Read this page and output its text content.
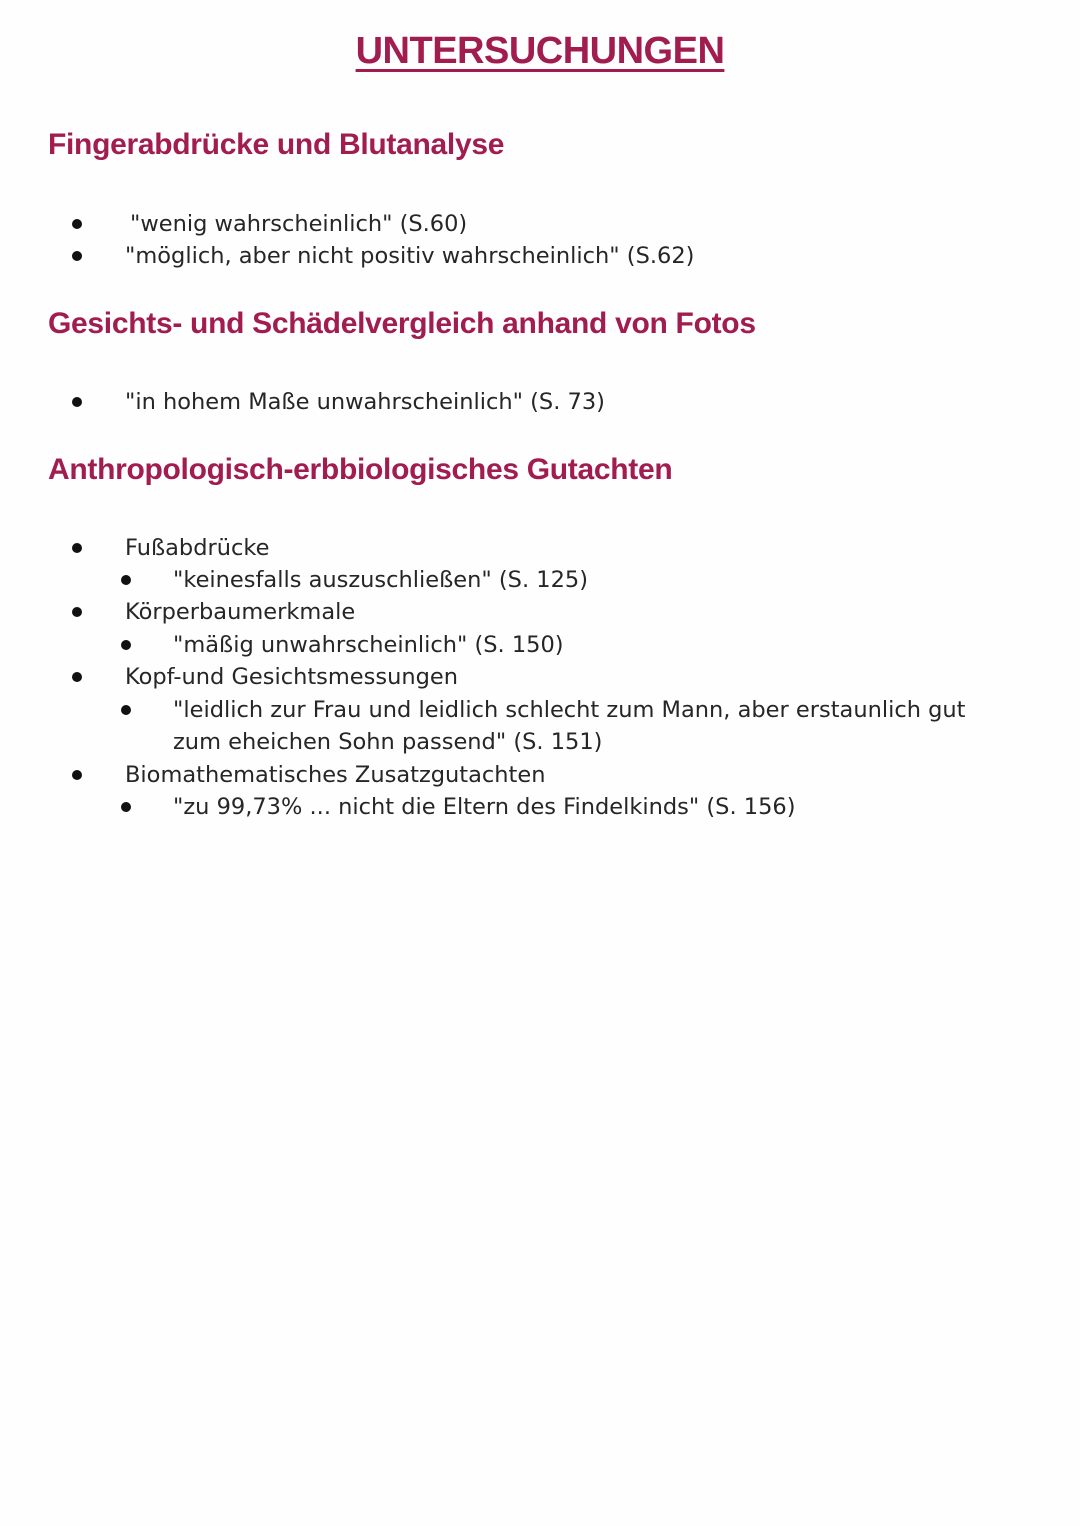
UNTERSUCHUNGEN
Fingerabdrücke und Blutanalyse
"wenig wahrscheinlich" (S.60)
"möglich, aber nicht positiv wahrscheinlich" (S.62)
Gesichts- und Schädelvergleich anhand von Fotos
"in hohem Maße unwahrscheinlich" (S. 73)
Anthropologisch-erbbiologisches Gutachten
Fußabdrücke
"keinesfalls auszuschließen" (S. 125)
Körperbaumerkmale
"mäßig unwahrscheinlich" (S. 150)
Kopf-und Gesichtsmessungen
"leidlich zur Frau und leidlich schlecht zum Mann, aber erstaunlich gut zum eheichen Sohn passend" (S. 151)
Biomathematisches Zusatzgutachten
"zu 99,73% ... nicht die Eltern des Findelkinds" (S. 156)
